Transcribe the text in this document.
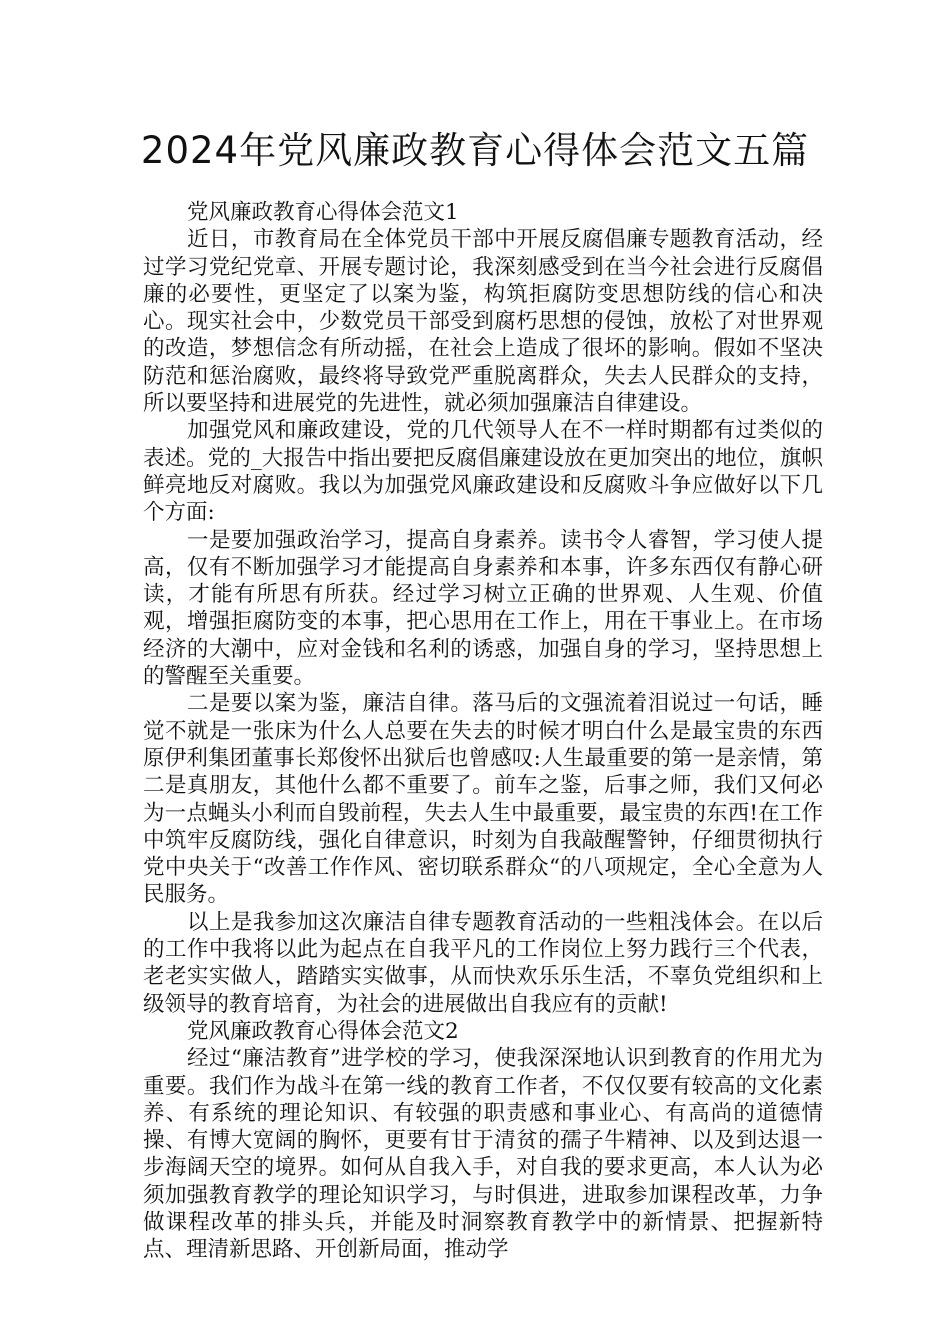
2024年党风廉政教育心得体会范文五篇

党风廉政教育心得体会范文1

近日，市教育局在全体党员干部中开展反腐倡廉专题教育活动，经过学习党纪党章、开展专题讨论，我深刻感受到在当今社会进行反腐倡廉的必要性，更坚定了以案为鉴，构筑拒腐防变思想防线的信心和决心。现实社会中，少数党员干部受到腐朽思想的侵蚀，放松了对世界观的改造，梦想信念有所动摇，在社会上造成了很坏的影响。假如不坚决防范和惩治腐败，最终将导致党严重脱离群众，失去人民群众的支持，所以要坚持和进展党的先进性，就必须加强廉洁自律建设。

加强党风和廉政建设，党的几代领导人在不一样时期都有过类似的表述。党的_大报告中指出要把反腐倡廉建设放在更加突出的地位，旗帜鲜亮地反对腐败。我以为加强党风廉政建设和反腐败斗争应做好以下几个方面:

一是要加强政治学习，提高自身素养。读书令人睿智，学习使人提高，仅有不断加强学习才能提高自身素养和本事，许多东西仅有静心研读，才能有所思有所获。经过学习树立正确的世界观、人生观、价值观，增强拒腐防变的本事，把心思用在工作上，用在干事业上。在市场经济的大潮中，应对金钱和名利的诱惑，加强自身的学习，坚持思想上的警醒至关重要。

二是要以案为鉴，廉洁自律。落马后的文强流着泪说过一句话，睡觉不就是一张床为什么人总要在失去的时候才明白什么是最宝贵的东西原伊利集团董事长郑俊怀出狱后也曾感叹:人生最重要的第一是亲情，第二是真朋友，其他什么都不重要了。前车之鉴，后事之师，我们又何必为一点蝇头小利而自毁前程，失去人生中最重要，最宝贵的东西!在工作中筑牢反腐防线，强化自律意识，时刻为自我敲醒警钟，仔细贯彻执行党中央关于“改善工作作风、密切联系群众“的八项规定，全心全意为人民服务。

以上是我参加这次廉洁自律专题教育活动的一些粗浅体会。在以后的工作中我将以此为起点在自我平凡的工作岗位上努力践行三个代表，老老实实做人，踏踏实实做事，从而快欢乐乐生活，不辜负党组织和上级领导的教育培育，为社会的进展做出自我应有的贡献!

党风廉政教育心得体会范文2

经过“廉洁教育”进学校的学习，使我深深地认识到教育的作用尤为重要。我们作为战斗在第一线的教育工作者，不仅仅要有较高的文化素养、有系统的理论知识、有较强的职责感和事业心、有高尚的道德情操、有博大宽阔的胸怀，更要有甘于清贫的孺子牛精神、以及到达退一步海阔天空的境界。如何从自我入手，对自我的要求更高，本人认为必须加强教育教学的理论知识学习，与时俱进，进取参加课程改革，力争做课程改革的排头兵，并能及时洞察教育教学中的新情景、把握新特点、理清新思路、开创新局面，推动学
